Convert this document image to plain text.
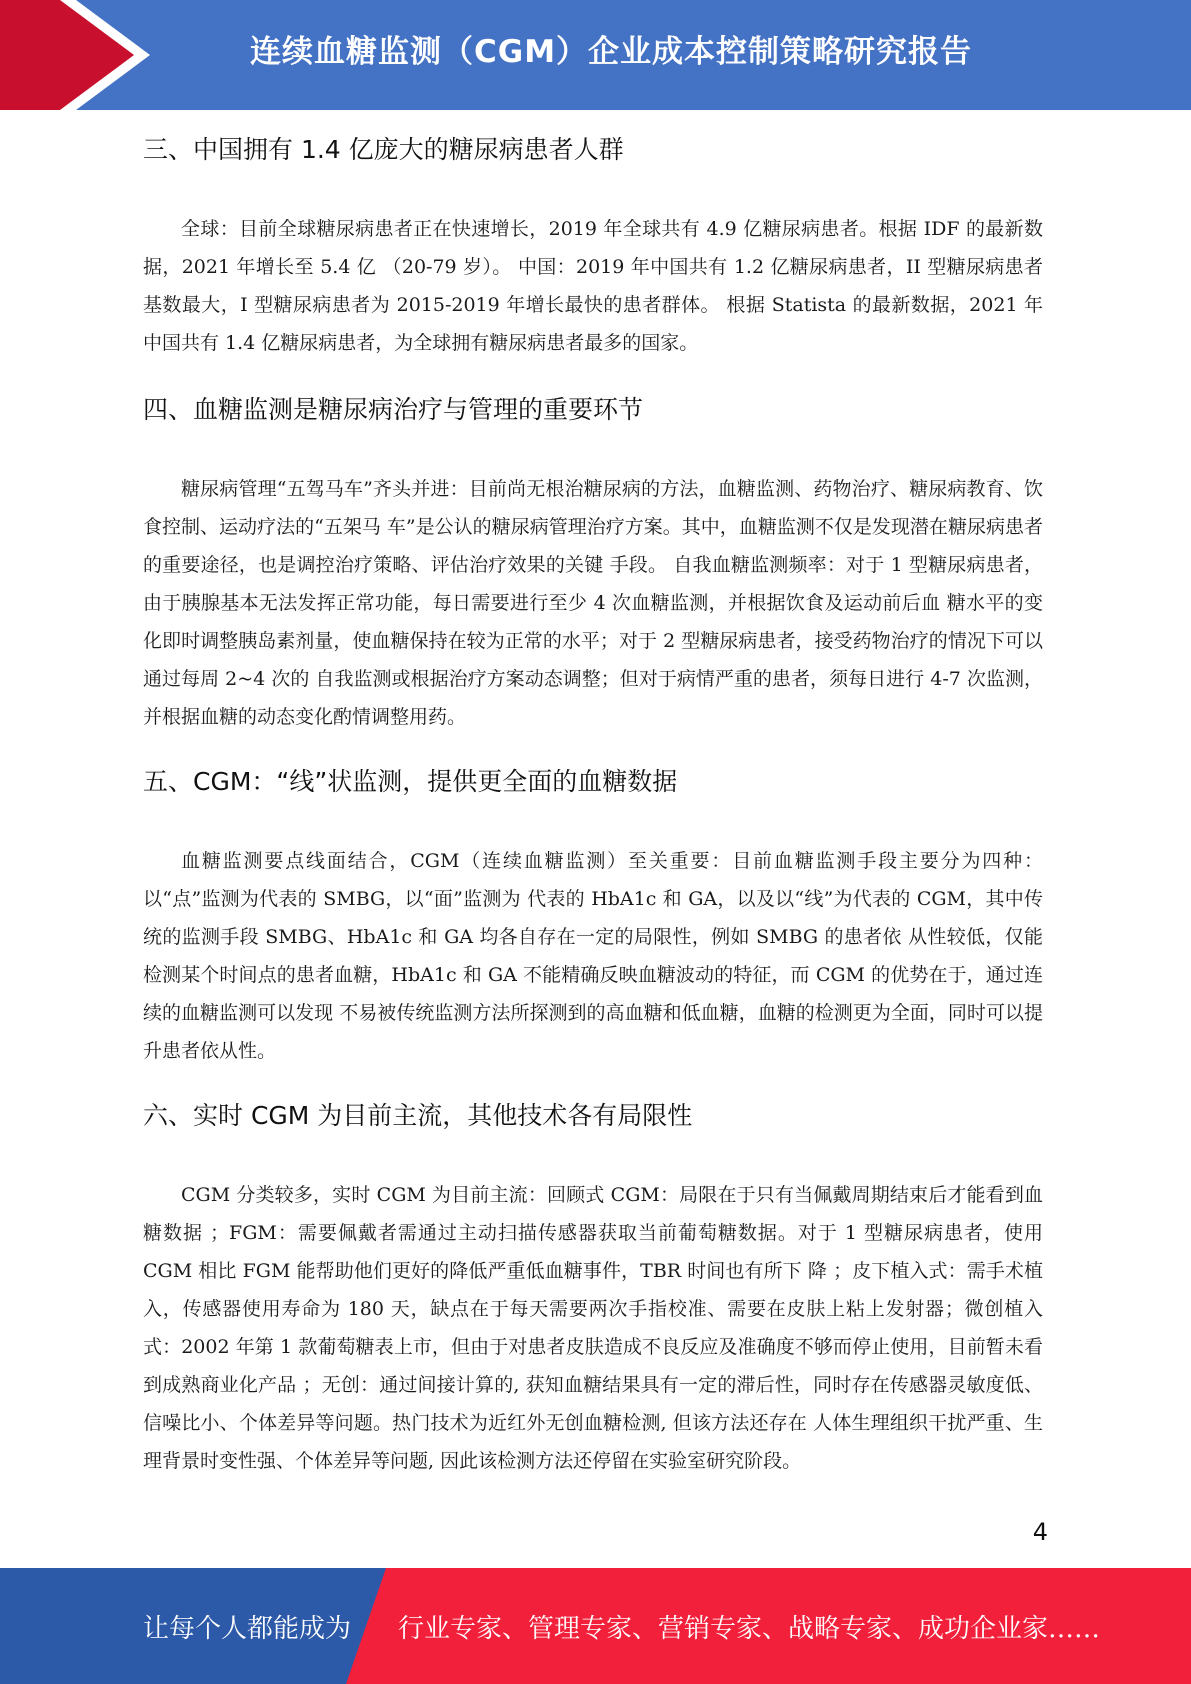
连续血糖监测（CGM）企业成本控制策略研究报告
三、中国拥有 1.4 亿庞大的糖尿病患者人群

全球：目前全球糖尿病患者正在快速增长，2019 年全球共有 4.9 亿糖尿病患者。根据 IDF 的最新数据，2021 年增长至 5.4 亿 （20-79 岁）。 中国：2019 年中国共有 1.2 亿糖尿病患者，II 型糖尿病患者基数最大，I 型糖尿病患者为 2015-2019 年增长最快的患者群体。 根据 Statista 的最新数据，2021 年中国共有 1.4 亿糖尿病患者，为全球拥有糖尿病患者最多的国家。

四、血糖监测是糖尿病治疗与管理的重要环节

糖尿病管理“五驾马车”齐头并进：目前尚无根治糖尿病的方法，血糖监测、药物治疗、糖尿病教育、饮食控制、运动疗法的“五架马 车”是公认的糖尿病管理治疗方案。其中，血糖监测不仅是发现潜在糖尿病患者的重要途径，也是调控治疗策略、评估治疗效果的关键 手段。 自我血糖监测频率：对于 1 型糖尿病患者，由于胰腺基本无法发挥正常功能，每日需要进行至少 4 次血糖监测，并根据饮食及运动前后血 糖水平的变化即时调整胰岛素剂量，使血糖保持在较为正常的水平；对于 2 型糖尿病患者，接受药物治疗的情况下可以通过每周 2~4 次的 自我监测或根据治疗方案动态调整；但对于病情严重的患者，须每日进行 4-7 次监测，并根据血糖的动态变化酌情调整用药。

五、CGM：“线”状监测，提供更全面的血糖数据

血糖监测要点线面结合，CGM（连续血糖监测）至关重要：目前血糖监测手段主要分为四种：以“点”监测为代表的 SMBG，以“面”监测为 代表的 HbA1c 和 GA，以及以“线”为代表的 CGM，其中传统的监测手段 SMBG、HbA1c 和 GA 均各自存在一定的局限性，例如 SMBG 的患者依 从性较低，仅能检测某个时间点的患者血糖，HbA1c 和 GA 不能精确反映血糖波动的特征，而 CGM 的优势在于，通过连续的血糖监测可以发现 不易被传统监测方法所探测到的高血糖和低血糖，血糖的检测更为全面，同时可以提升患者依从性。

六、实时 CGM 为目前主流，其他技术各有局限性

CGM 分类较多，实时 CGM 为目前主流：回顾式 CGM：局限在于只有当佩戴周期结束后才能看到血糖数据 ；FGM：需要佩戴者需通过主动扫描传感器获取当前葡萄糖数据。对于 1 型糖尿病患者，使用 CGM 相比 FGM 能帮助他们更好的降低严重低血糖事件，TBR 时间也有所下 降 ；皮下植入式：需手术植入，传感器使用寿命为 180 天，缺点在于每天需要两次手指校准、需要在皮肤上粘上发射器；微创植入式：2002 年第 1 款葡萄糖表上市，但由于对患者皮肤造成不良反应及准确度不够而停止使用，目前暂未看到成熟商业化产品 ；无创：通过间接计算的, 获知血糖结果具有一定的滞后性，同时存在传感器灵敏度低、信噪比小、个体差异等问题。热门技术为近红外无创血糖检测, 但该方法还存在 人体生理组织干扰严重、生理背景时变性强、个体差异等问题, 因此该检测方法还停留在实验室研究阶段。

4

让每个人都能成为 行业专家、管理专家、营销专家、战略专家、成功企业家……
